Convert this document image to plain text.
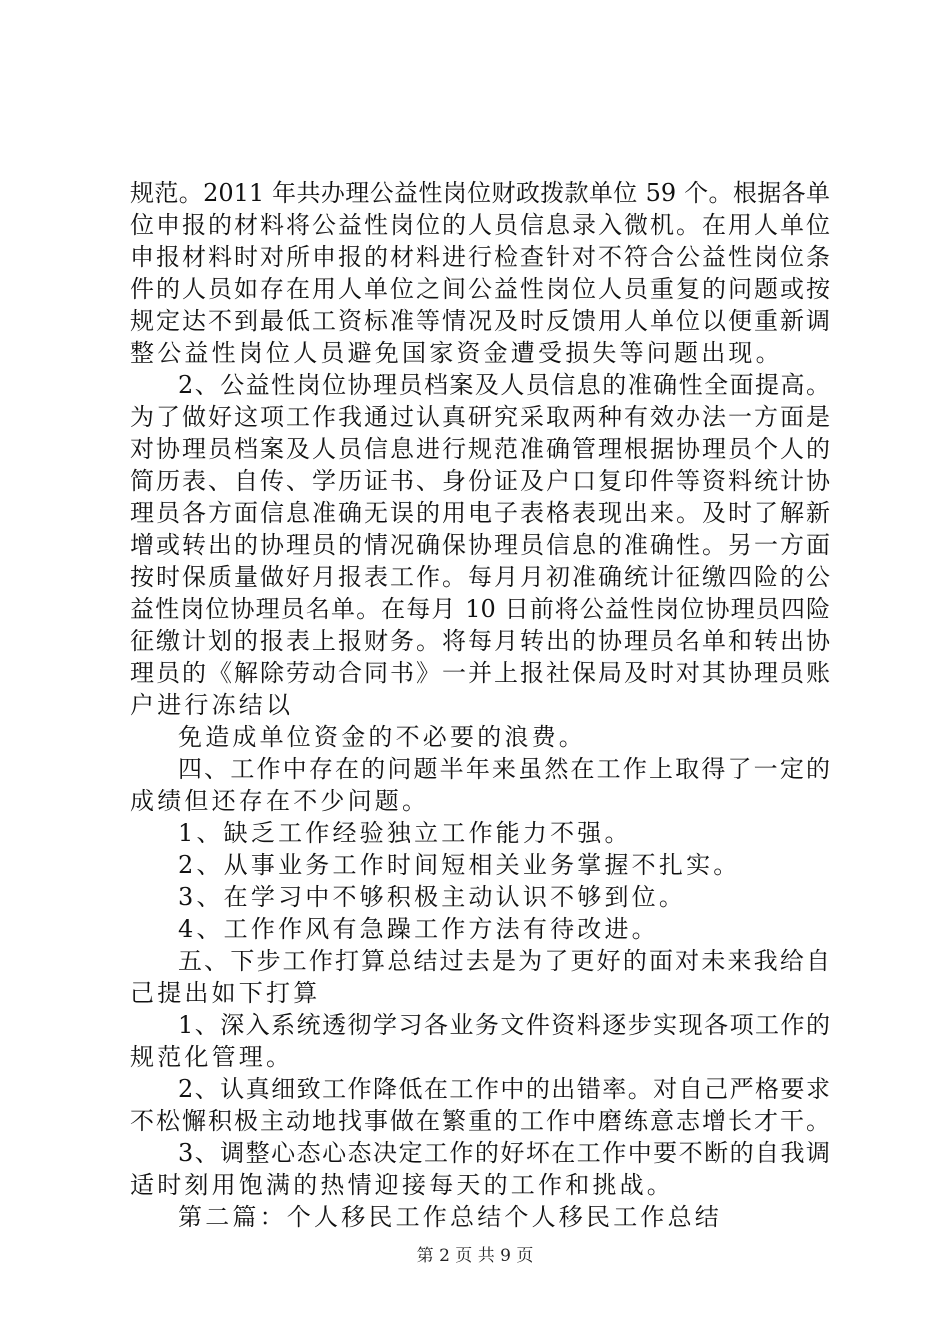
规范。2011 年共办理公益性岗位财政拨款单位 59 个。根据各单
位申报的材料将公益性岗位的人员信息录入微机。在用人单位
申报材料时对所申报的材料进行检查针对不符合公益性岗位条
件的人员如存在用人单位之间公益性岗位人员重复的问题或按
规定达不到最低工资标准等情况及时反馈用人单位以便重新调
整公益性岗位人员避免国家资金遭受损失等问题出现。
2、公益性岗位协理员档案及人员信息的准确性全面提高。
为了做好这项工作我通过认真研究采取两种有效办法一方面是
对协理员档案及人员信息进行规范准确管理根据协理员个人的
简历表、自传、学历证书、身份证及户口复印件等资料统计协
理员各方面信息准确无误的用电子表格表现出来。及时了解新
增或转出的协理员的情况确保协理员信息的准确性。另一方面
按时保质量做好月报表工作。每月月初准确统计征缴四险的公
益性岗位协理员名单。在每月 10 日前将公益性岗位协理员四险
征缴计划的报表上报财务。将每月转出的协理员名单和转出协
理员的《解除劳动合同书》一并上报社保局及时对其协理员账
户进行冻结以
免造成单位资金的不必要的浪费。
四、工作中存在的问题半年来虽然在工作上取得了一定的
成绩但还存在不少问题。
1、缺乏工作经验独立工作能力不强。
2、从事业务工作时间短相关业务掌握不扎实。
3、在学习中不够积极主动认识不够到位。
4、工作作风有急躁工作方法有待改进。
五、下步工作打算总结过去是为了更好的面对未来我给自
己提出如下打算
1、深入系统透彻学习各业务文件资料逐步实现各项工作的
规范化管理。
2、认真细致工作降低在工作中的出错率。对自己严格要求
不松懈积极主动地找事做在繁重的工作中磨练意志增长才干。
3、调整心态心态决定工作的好坏在工作中要不断的自我调
适时刻用饱满的热情迎接每天的工作和挑战。
第二篇：个人移民工作总结个人移民工作总结
第 2 页 共 9 页
